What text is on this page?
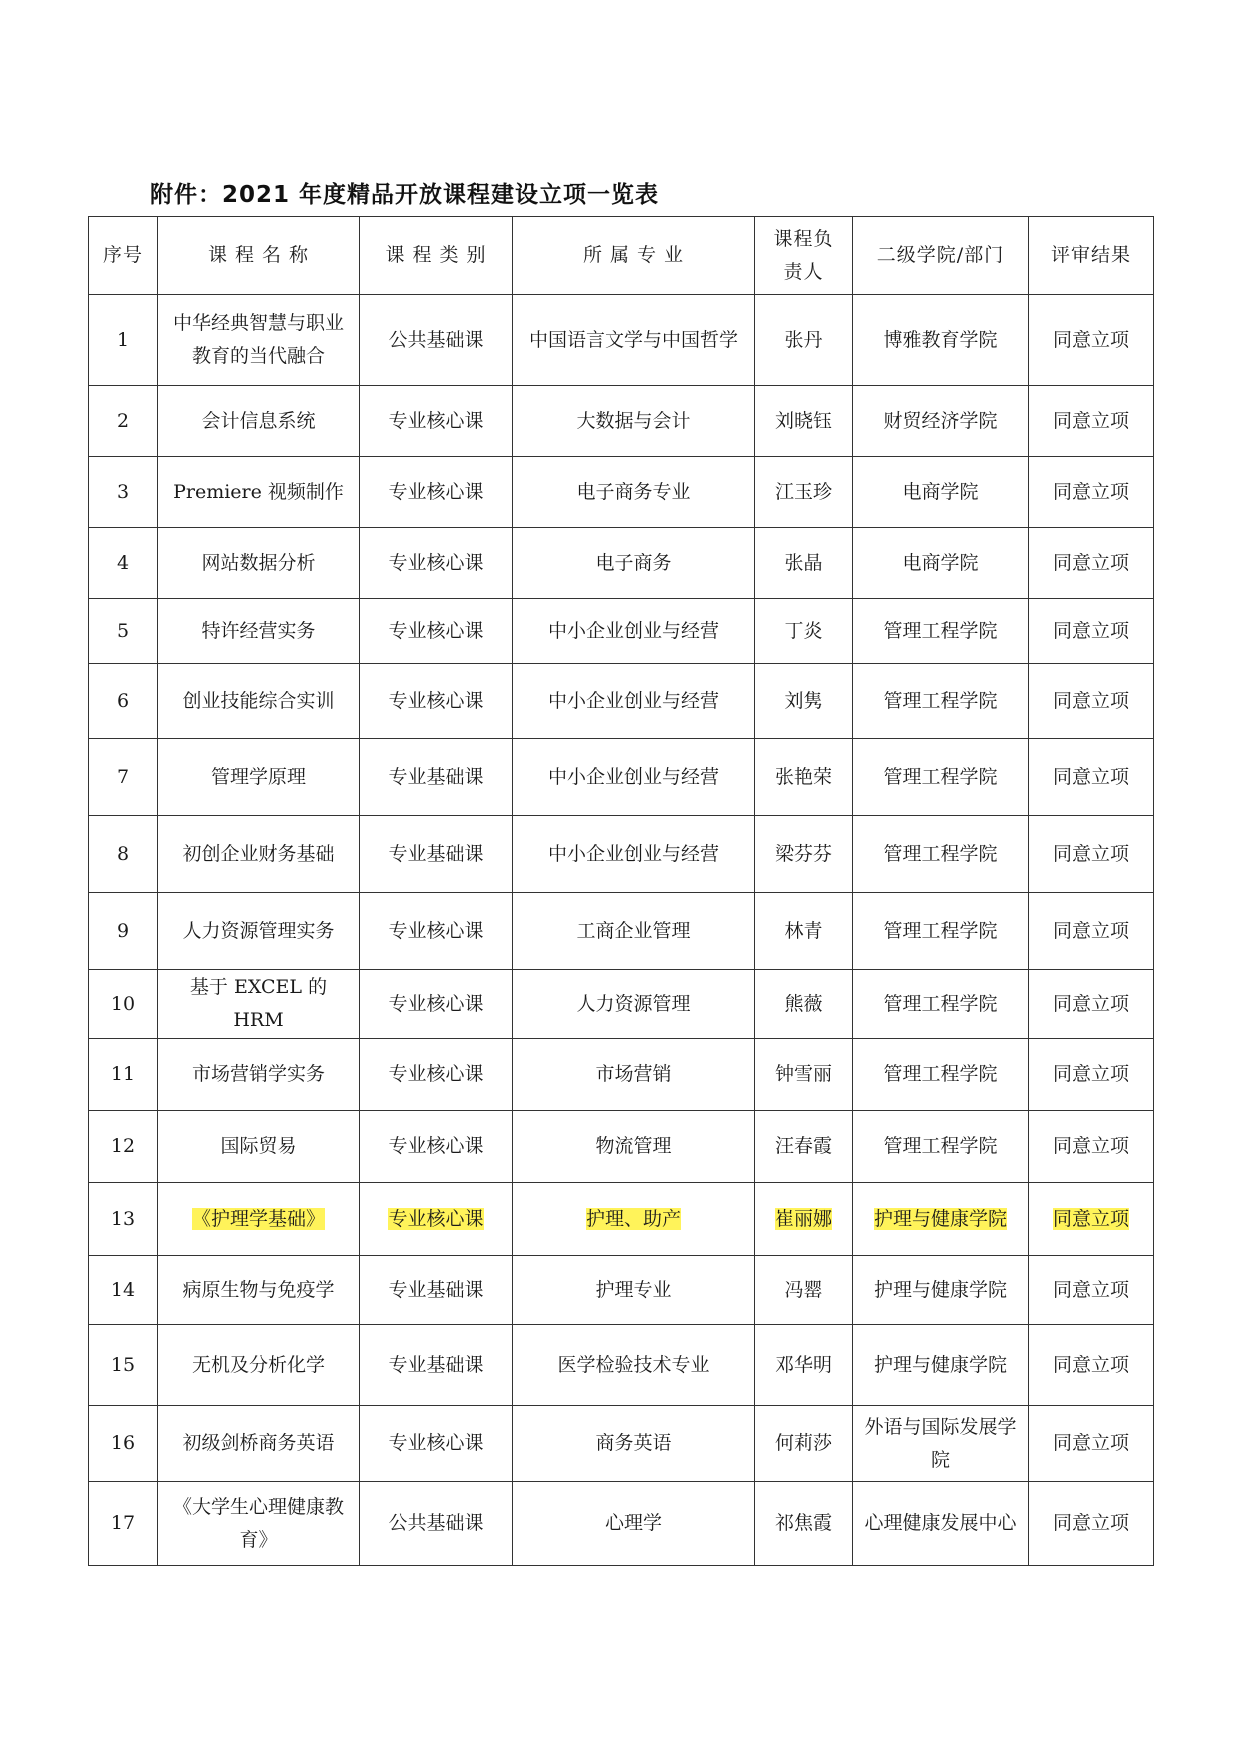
附件：2021 年度精品开放课程建设立项一览表
序号	课 程 名 称	课 程 类 别	所 属 专 业	课程负责人	二级学院/部门	评审结果
1	中华经典智慧与职业教育的当代融合	公共基础课	中国语言文学与中国哲学	张丹	博雅教育学院	同意立项
2	会计信息系统	专业核心课	大数据与会计	刘晓钰	财贸经济学院	同意立项
3	Premiere 视频制作	专业核心课	电子商务专业	江玉珍	电商学院	同意立项
4	网站数据分析	专业核心课	电子商务	张晶	电商学院	同意立项
5	特许经营实务	专业核心课	中小企业创业与经营	丁炎	管理工程学院	同意立项
6	创业技能综合实训	专业核心课	中小企业创业与经营	刘隽	管理工程学院	同意立项
7	管理学原理	专业基础课	中小企业创业与经营	张艳荣	管理工程学院	同意立项
8	初创企业财务基础	专业基础课	中小企业创业与经营	梁芬芬	管理工程学院	同意立项
9	人力资源管理实务	专业核心课	工商企业管理	林青	管理工程学院	同意立项
10	基于 EXCEL 的 HRM	专业核心课	人力资源管理	熊薇	管理工程学院	同意立项
11	市场营销学实务	专业核心课	市场营销	钟雪丽	管理工程学院	同意立项
12	国际贸易	专业核心课	物流管理	汪春霞	管理工程学院	同意立项
13	《护理学基础》	专业核心课	护理、助产	崔丽娜	护理与健康学院	同意立项
14	病原生物与免疫学	专业基础课	护理专业	冯罂	护理与健康学院	同意立项
15	无机及分析化学	专业基础课	医学检验技术专业	邓华明	护理与健康学院	同意立项
16	初级剑桥商务英语	专业核心课	商务英语	何莉莎	外语与国际发展学院	同意立项
17	《大学生心理健康教育》	公共基础课	心理学	祁焦霞	心理健康发展中心	同意立项
